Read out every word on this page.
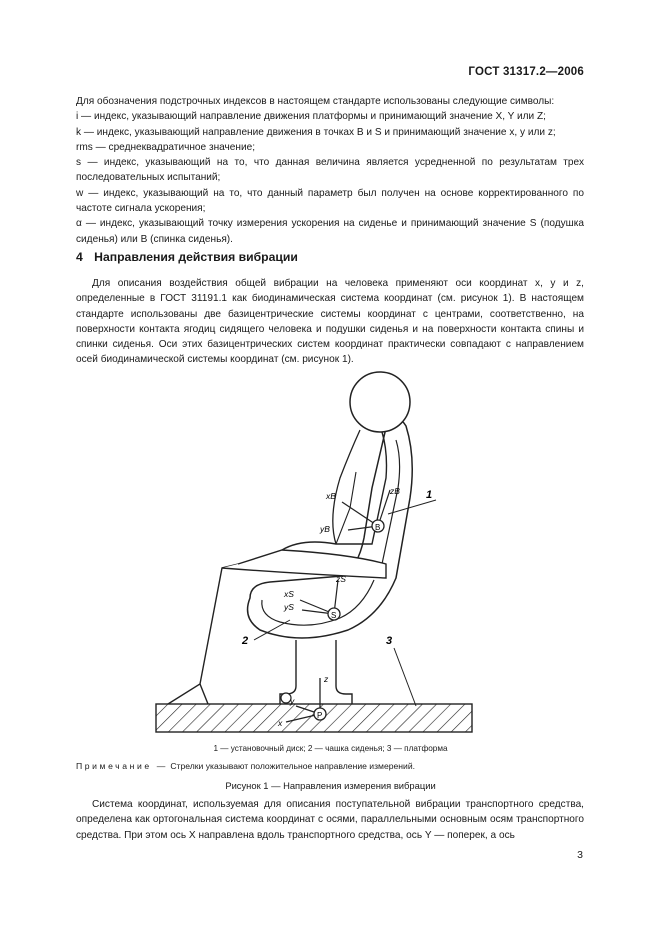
ГОСТ 31317.2—2006

Для обозначения подстрочных индексов в настоящем стандарте использованы следующие символы:

i — индекс, указывающий направление движения платформы и принимающий значение X, Y или Z;

k — индекс, указывающий направление движения в точках B и S и принимающий значение x, y или z;

rms — среднеквадратичное значение;

s — индекс, указывающий на то, что данная величина является усредненной по результатам трех последовательных испытаний;

w — индекс, указывающий на то, что данный параметр был получен на основе корректированного по частоте сигнала ускорения;

α — индекс, указывающий точку измерения ускорения на сиденье и принимающий значение S (подушка сиденья) или B (спинка сиденья).

4 Направления действия вибрации

Для описания воздействия общей вибрации на человека применяют оси координат x, y и z, определенные в ГОСТ 31191.1 как биодинамическая система координат (см. рисунок 1). В настоящем стандарте использованы две базицентрические системы координат с центрами, соответственно, на поверхности контакта ягодиц сидящего человека и подушки сиденья и на поверхности контакта спины и спинки сиденья. Оси этих базицентрических систем координат практически совпадают с направлением осей биодинамической системы координат (см. рисунок 1).

B
xB
yB
zB
S
zS
xS
yS
P
z
y
x
1
2	3
1 — установочный диск; 2 — чашка сиденья; 3 — платформа
Примечание — Стрелки указывают положительное направление измерений.
Рисунок 1 — Направления измерения вибрации

Система координат, используемая для описания поступательной вибрации транспортного средства, определена как ортогональная система координат с осями, параллельными основным осям транспортного средства. При этом ось X направлена вдоль транспортного средства, ось Y — поперек, а ось

3
